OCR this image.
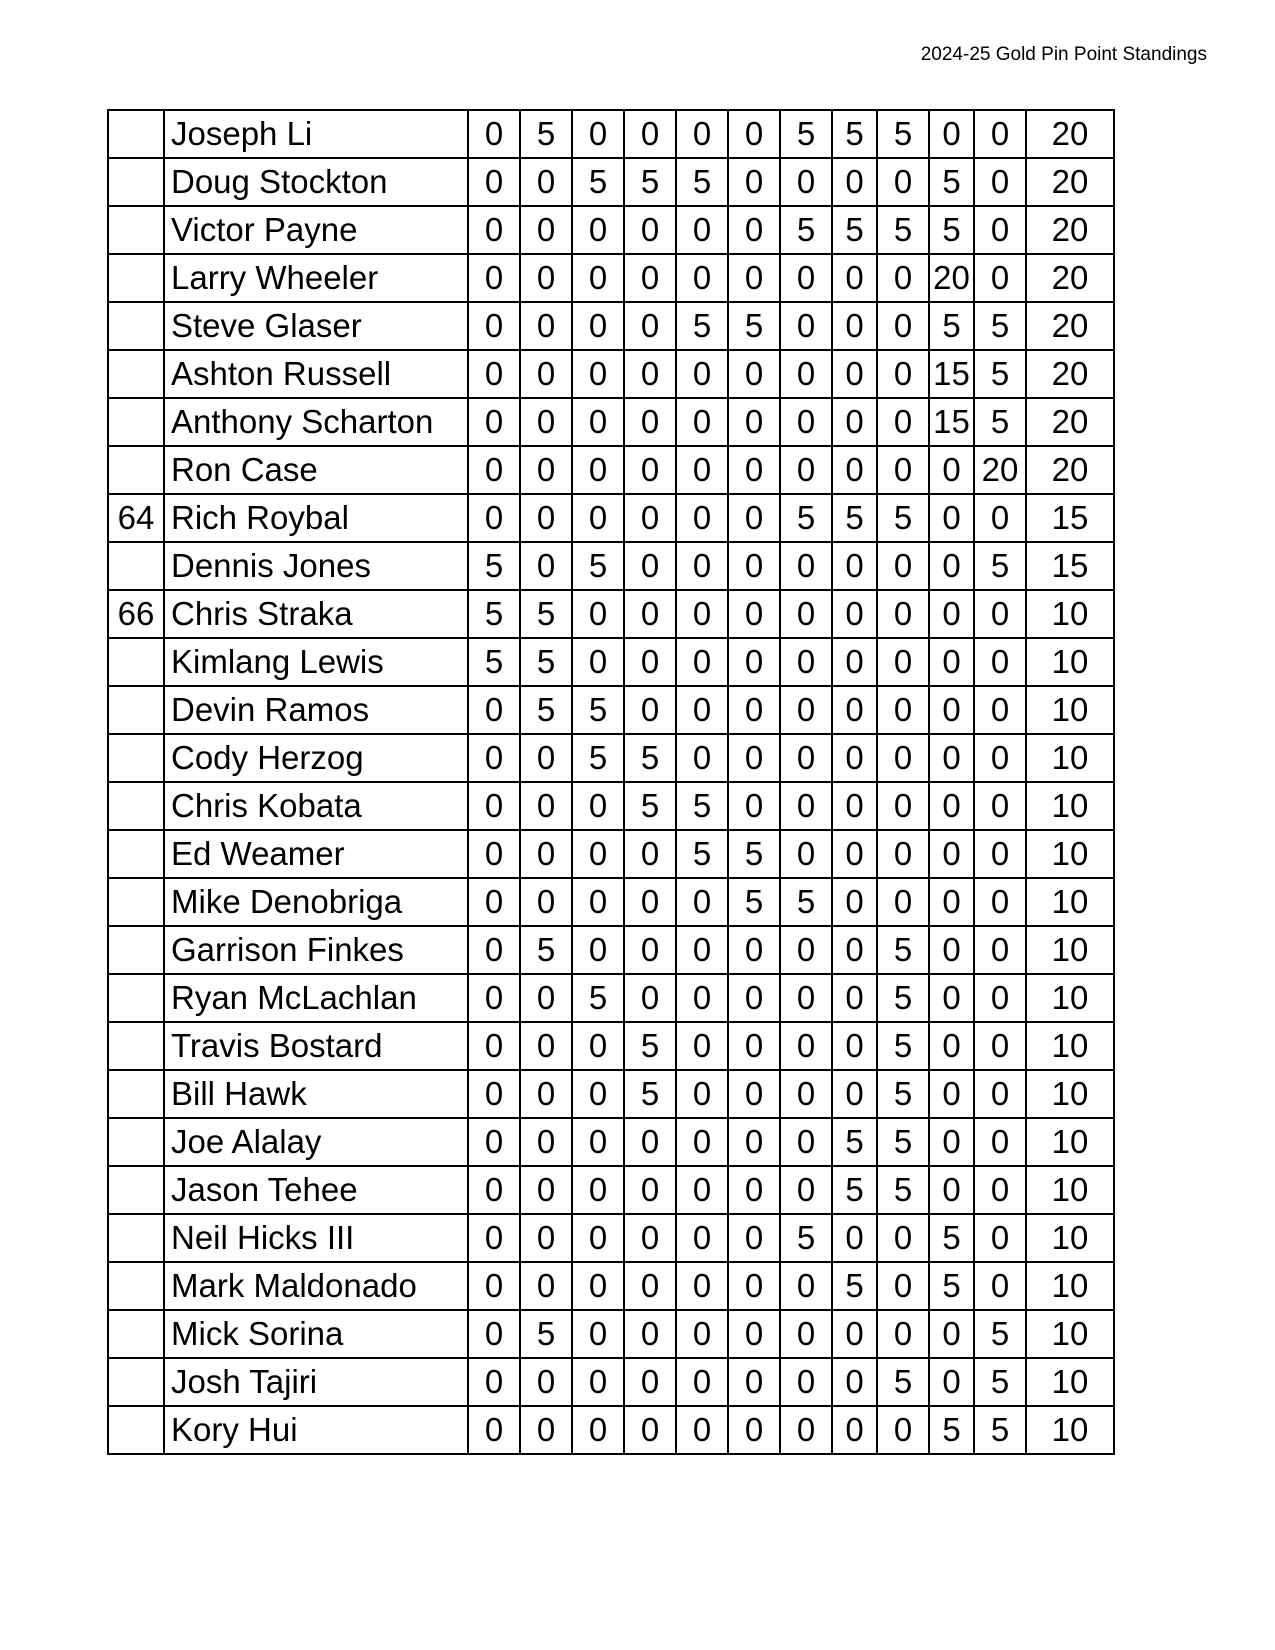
2024-25 Gold Pin Point Standings
	Joseph Li	0	5	0	0	0	0	5	5	5	0	0	20
	Doug Stockton	0	0	5	5	5	0	0	0	0	5	0	20
	Victor Payne	0	0	0	0	0	0	5	5	5	5	0	20
	Larry Wheeler	0	0	0	0	0	0	0	0	0	20	0	20
	Steve Glaser	0	0	0	0	5	5	0	0	0	5	5	20
	Ashton Russell	0	0	0	0	0	0	0	0	0	15	5	20
	Anthony Scharton	0	0	0	0	0	0	0	0	0	15	5	20
	Ron Case	0	0	0	0	0	0	0	0	0	0	20	20
64	Rich Roybal	0	0	0	0	0	0	5	5	5	0	0	15
	Dennis Jones	5	0	5	0	0	0	0	0	0	0	5	15
66	Chris Straka	5	5	0	0	0	0	0	0	0	0	0	10
	Kimlang Lewis	5	5	0	0	0	0	0	0	0	0	0	10
	Devin Ramos	0	5	5	0	0	0	0	0	0	0	0	10
	Cody Herzog	0	0	5	5	0	0	0	0	0	0	0	10
	Chris Kobata	0	0	0	5	5	0	0	0	0	0	0	10
	Ed Weamer	0	0	0	0	5	5	0	0	0	0	0	10
	Mike Denobriga	0	0	0	0	0	5	5	0	0	0	0	10
	Garrison Finkes	0	5	0	0	0	0	0	0	5	0	0	10
	Ryan McLachlan	0	0	5	0	0	0	0	0	5	0	0	10
	Travis Bostard	0	0	0	5	0	0	0	0	5	0	0	10
	Bill Hawk	0	0	0	5	0	0	0	0	5	0	0	10
	Joe Alalay	0	0	0	0	0	0	0	5	5	0	0	10
	Jason Tehee	0	0	0	0	0	0	0	5	5	0	0	10
	Neil Hicks III	0	0	0	0	0	0	5	0	0	5	0	10
	Mark Maldonado	0	0	0	0	0	0	0	5	0	5	0	10
	Mick Sorina	0	5	0	0	0	0	0	0	0	0	5	10
	Josh Tajiri	0	0	0	0	0	0	0	0	5	0	5	10
	Kory Hui	0	0	0	0	0	0	0	0	0	5	5	10
